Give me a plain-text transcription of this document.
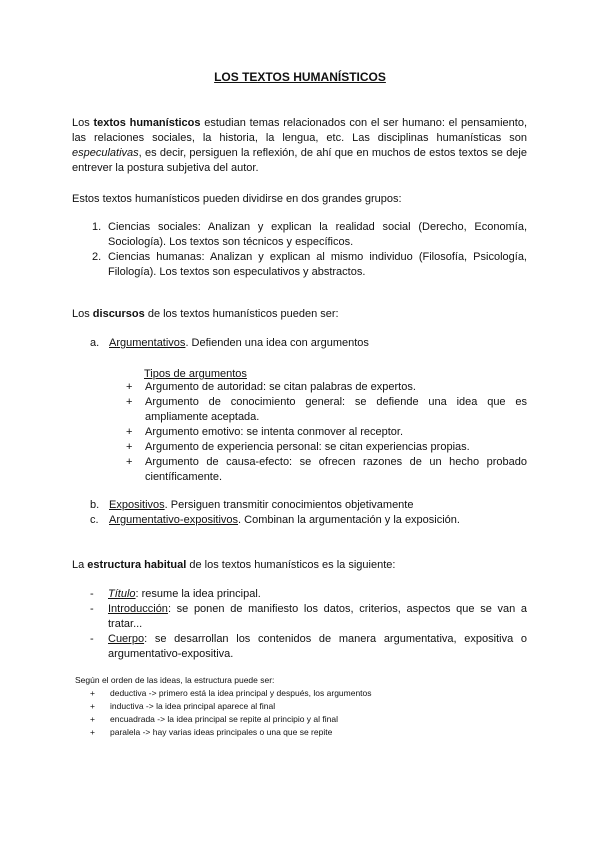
LOS TEXTOS HUMANÍSTICOS

Los textos humanísticos estudian temas relacionados con el ser humano: el pensamiento, las relaciones sociales, la historia, la lengua, etc. Las disciplinas humanísticas son especulativas, es decir, persiguen la reflexión, de ahí que en muchos de estos textos se deje entrever la postura subjetiva del autor.

Estos textos humanísticos pueden dividirse en dos grandes grupos:

1. Ciencias sociales: Analizan y explican la realidad social (Derecho, Economía, Sociología). Los textos son técnicos y específicos.
2. Ciencias humanas: Analizan y explican al mismo individuo (Filosofía, Psicología, Filología). Los textos son especulativos y abstractos.

Los discursos de los textos humanísticos pueden ser:

a. Argumentativos. Defienden una idea con argumentos

Tipos de argumentos

+ Argumento de autoridad: se citan palabras de expertos.
+ Argumento de conocimiento general: se defiende una idea que es ampliamente aceptada.
+ Argumento emotivo: se intenta conmover al receptor.
+ Argumento de experiencia personal: se citan experiencias propias.
+ Argumento de causa-efecto: se ofrecen razones de un hecho probado científicamente.
b. Expositivos. Persiguen transmitir conocimientos objetivamente
c. Argumentativo-expositivos. Combinan la argumentación y la exposición.

La estructura habitual de los textos humanísticos es la siguiente:

- Título: resume la idea principal.
- Introducción: se ponen de manifiesto los datos, criterios, aspectos que se van a tratar...
- Cuerpo: se desarrollan los contenidos de manera argumentativa, expositiva o argumentativo-expositiva.

Según el orden de las ideas, la estructura puede ser:

+ deductiva -> primero está la idea principal y después, los argumentos
+ inductiva -> la idea principal aparece al final
+ encuadrada -> la idea principal se repite al principio y al final
+ paralela -> hay varias ideas principales o una que se repite
